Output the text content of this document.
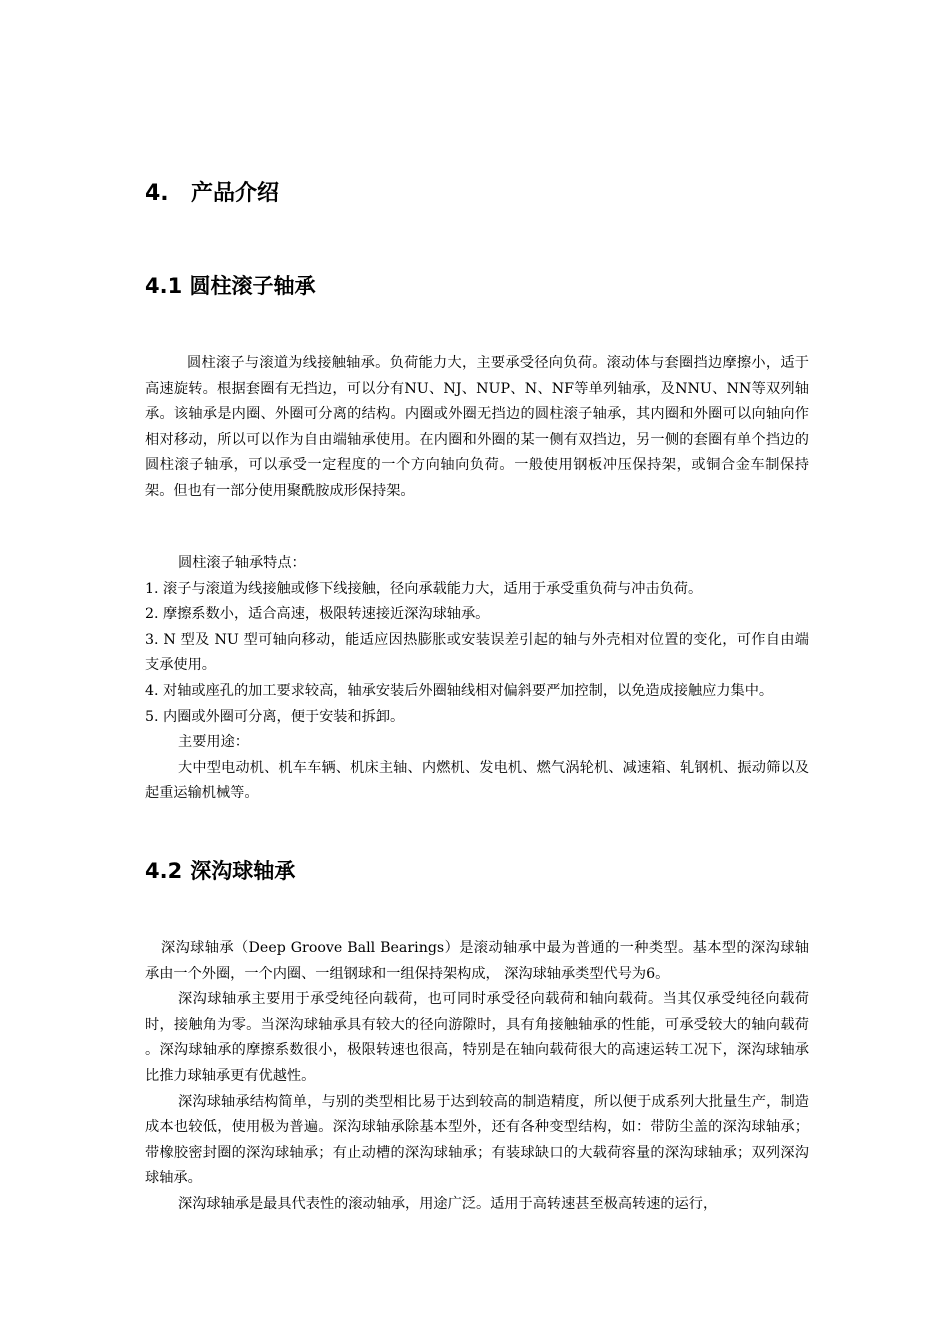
4. 产品介绍
4.1 圆柱滚子轴承

圆柱滚子与滚道为线接触轴承。负荷能力大，主要承受径向负荷。滚动体与套圈挡边摩擦小，适于高速旋转。根据套圈有无挡边，可以分有NU、NJ、NUP、N、NF等单列轴承，及NNU、NN等双列轴承。该轴承是内圈、外圈可分离的结构。内圈或外圈无挡边的圆柱滚子轴承，其内圈和外圈可以向轴向作相对移动，所以可以作为自由端轴承使用。在内圈和外圈的某一侧有双挡边，另一侧的套圈有单个挡边的圆柱滚子轴承，可以承受一定程度的一个方向轴向负荷。一般使用钢板冲压保持架，或铜合金车制保持架。但也有一部分使用聚酰胺成形保持架。

圆柱滚子轴承特点：

1. 滚子与滚道为线接触或修下线接触，径向承载能力大，适用于承受重负荷与冲击负荷。

2. 摩擦系数小，适合高速，极限转速接近深沟球轴承。

3. N 型及 NU 型可轴向移动，能适应因热膨胀或安装误差引起的轴与外壳相对位置的变化，可作自由端支承使用。

4. 对轴或座孔的加工要求较高，轴承安装后外圈轴线相对偏斜要严加控制，以免造成接触应力集中。

5. 内圈或外圈可分离，便于安装和拆卸。

主要用途：

大中型电动机、机车车辆、机床主轴、内燃机、发电机、燃气涡轮机、减速箱、轧钢机、振动筛以及起重运输机械等。

4.2 深沟球轴承

深沟球轴承（Deep Groove Ball Bearings）是滚动轴承中最为普通的一种类型。基本型的深沟球轴承由一个外圈，一个内圈、一组钢球和一组保持架构成， 深沟球轴承类型代号为6。

深沟球轴承主要用于承受纯径向载荷，也可同时承受径向载荷和轴向载荷。当其仅承受纯径向载荷时，接触角为零。当深沟球轴承具有较大的径向游隙时，具有角接触轴承的性能，可承受较大的轴向载荷 。深沟球轴承的摩擦系数很小，极限转速也很高，特别是在轴向载荷很大的高速运转工况下，深沟球轴承比推力球轴承更有优越性。

深沟球轴承结构简单，与别的类型相比易于达到较高的制造精度，所以便于成系列大批量生产，制造成本也较低，使用极为普遍。深沟球轴承除基本型外，还有各种变型结构，如：带防尘盖的深沟球轴承；带橡胶密封圈的深沟球轴承；有止动槽的深沟球轴承；有装球缺口的大载荷容量的深沟球轴承；双列深沟球轴承。

深沟球轴承是最具代表性的滚动轴承，用途广泛。适用于高转速甚至极高转速的运行，
